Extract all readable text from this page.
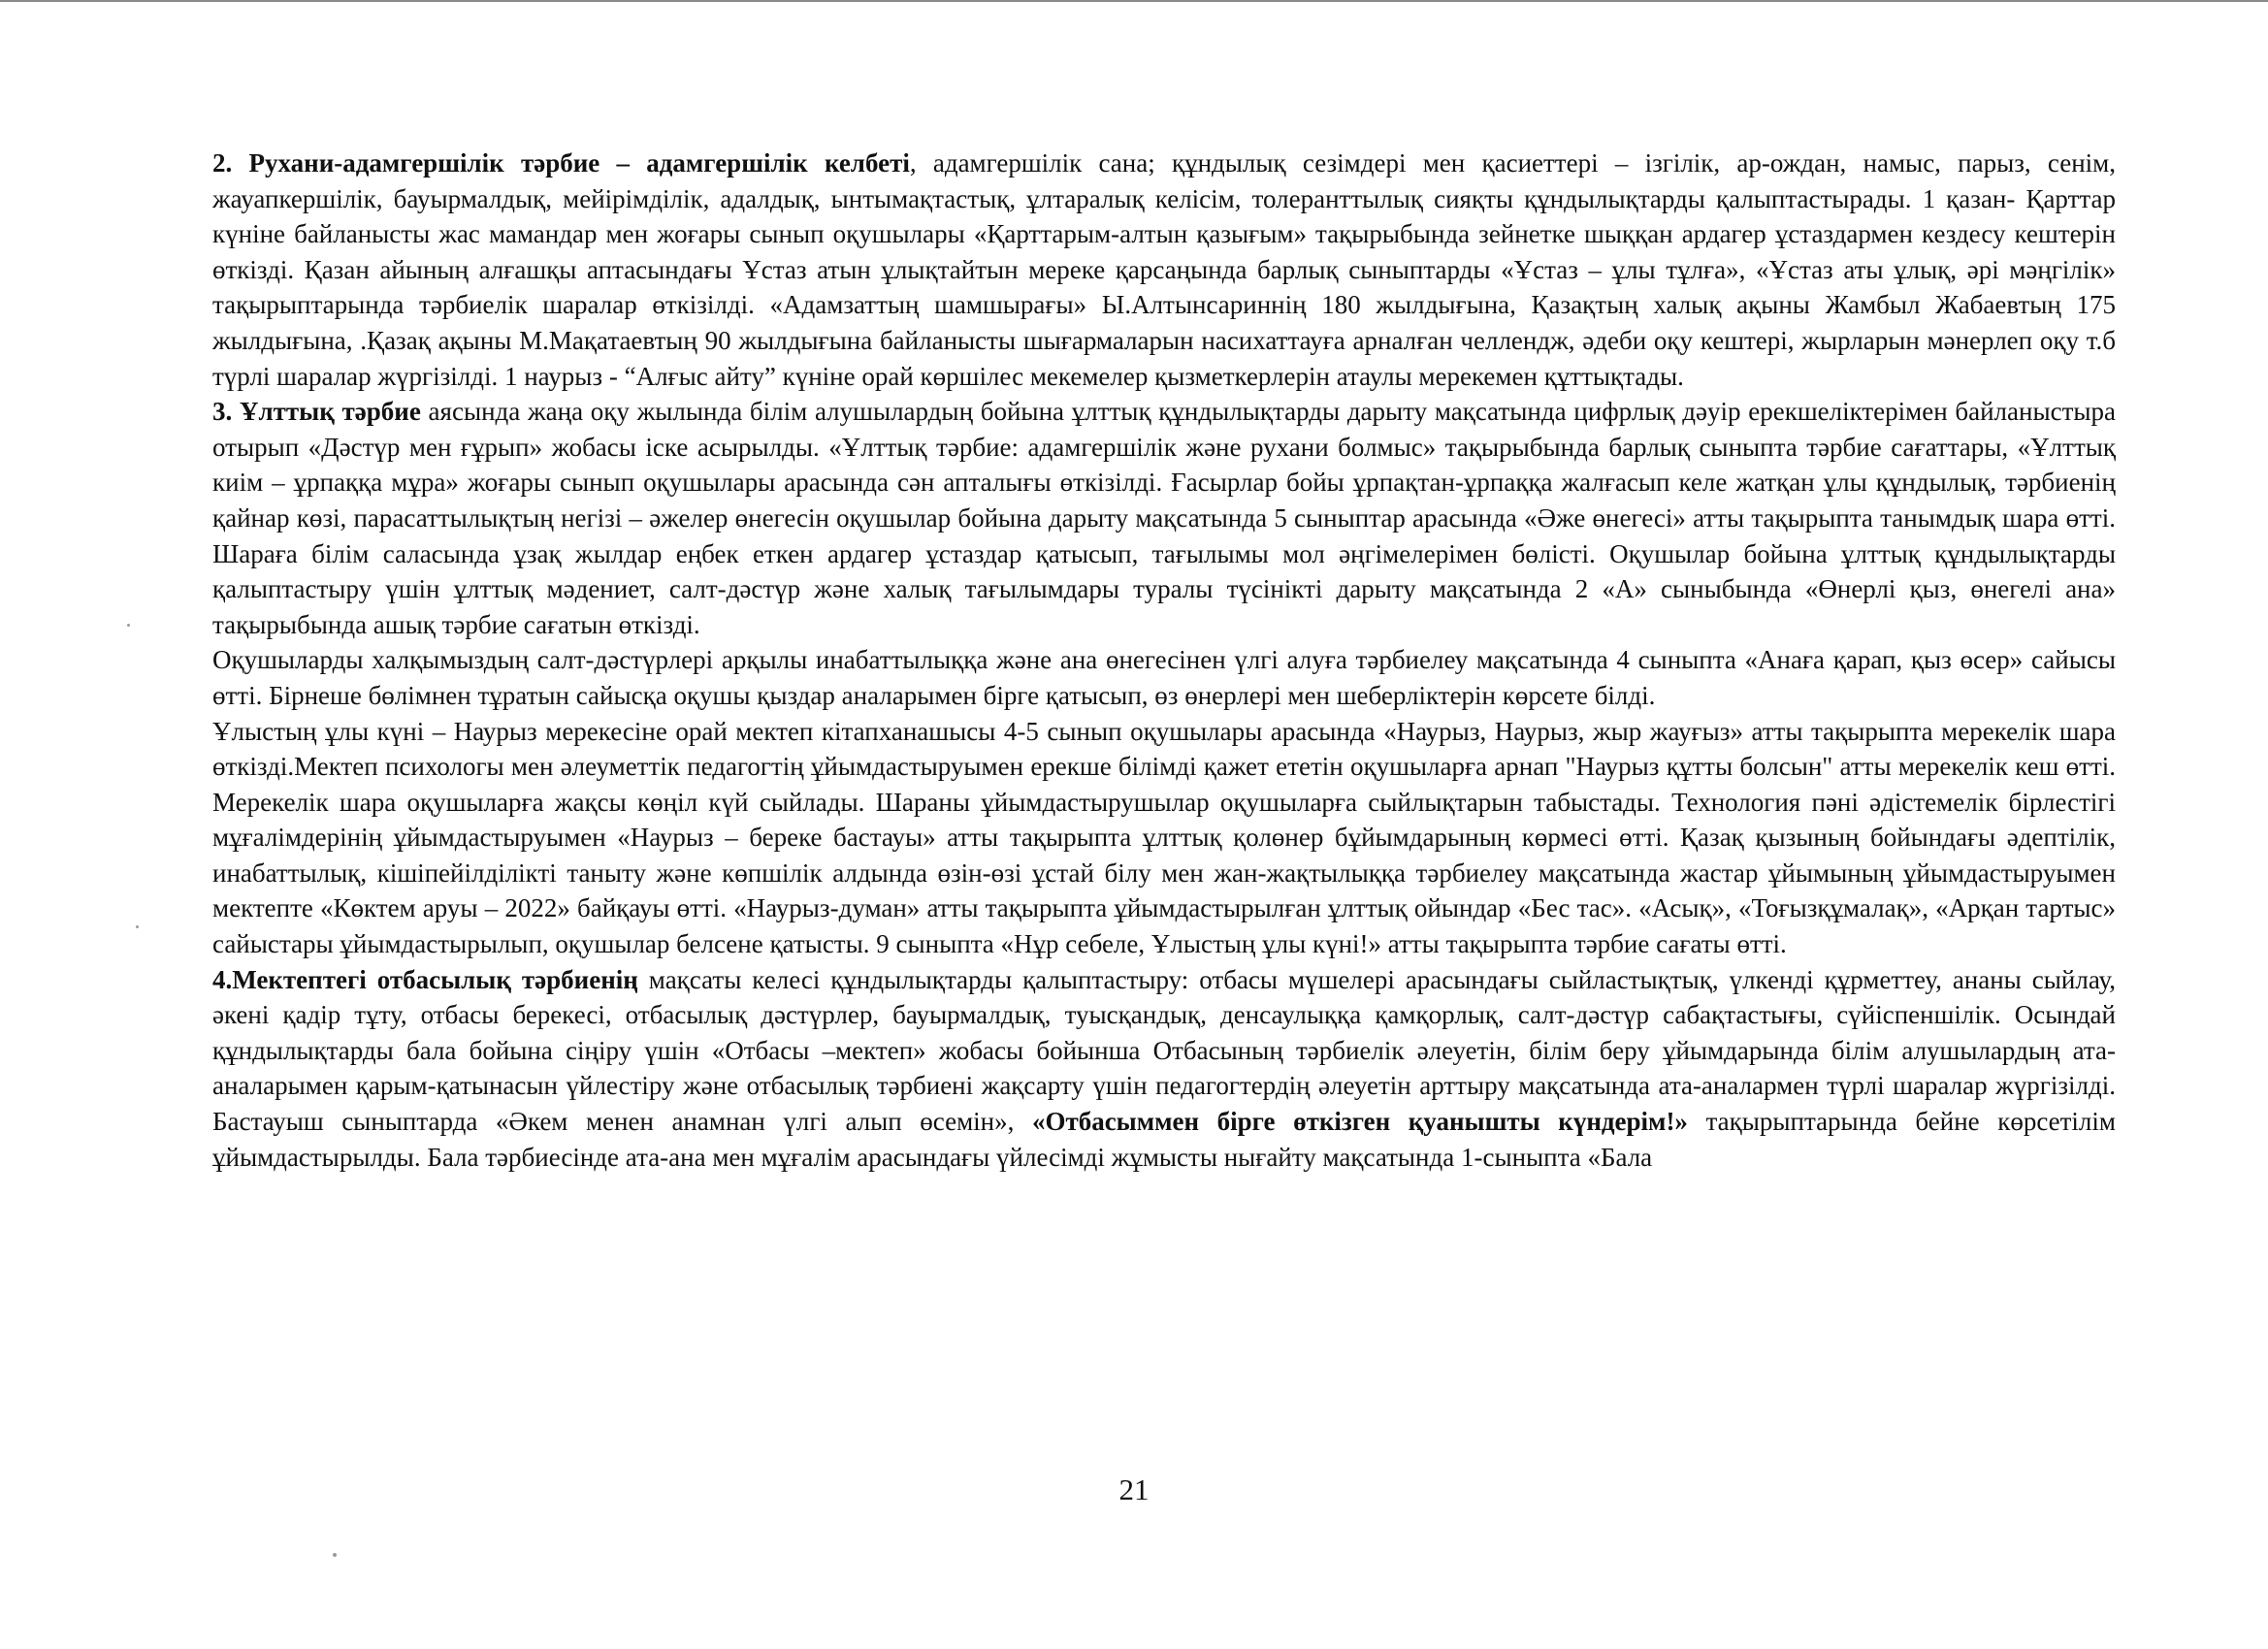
2. Рухани-адамгершілік тәрбие – адамгершілік келбеті, адамгершілік сана; құндылық сезімдері мен қасиеттері – ізгілік, ар-ождан, намыс, парыз, сенім, жауапкершілік, бауырмалдық, мейірімділік, адалдық, ынтымақтастық, ұлтаралық келісім, толеранттылық сияқты құндылықтарды қалыптастырады. 1 қазан- Қарттар күніне байланысты жас мамандар мен жоғары сынып оқушылары «Қарттарым-алтын қазығым» тақырыбында зейнетке шыққан ардагер ұстаздармен кездесу кештерін өткізді. Қазан айының алғашқы аптасындағы Ұстаз атын ұлықтайтын мереке қарсаңында барлық сыныптарды «Ұстаз – ұлы тұлға», «Ұстаз аты ұлық, әрі мәңгілік» тақырыптарында тәрбиелік шаралар өткізілді. «Адамзаттың шамшырағы» Ы.Алтынсариннің 180 жылдығына, Қазақтың халық ақыны Жамбыл Жабаевтың 175 жылдығына, .Қазақ ақыны М.Мақатаевтың 90 жылдығына байланысты шығармаларын насихаттауға арналған челлендж, әдеби оқу кештері, жырларын мәнерлеп оқу т.б түрлі шаралар жүргізілді. 1 наурыз - “Алғыс айту” күніне орай көршілес мекемелер қызметкерлерін атаулы мерекемен құттықтады.

3. Ұлттық тәрбие аясында жаңа оқу жылында білім алушылардың бойына ұлттық құндылықтарды дарыту мақсатында цифрлық дәуір ерекшеліктерімен байланыстыра отырып «Дәстүр мен ғұрып» жобасы іске асырылды. «Ұлттық тәрбие: адамгершілік және рухани болмыс» тақырыбында барлық сыныпта тәрбие сағаттары, «Ұлттық киім – ұрпаққа мұра» жоғары сынып оқушылары арасында сән апталығы өткізілді. Ғасырлар бойы ұрпақтан-ұрпаққа жалғасып келе жатқан ұлы құндылық, тәрбиенің қайнар көзі, парасаттылықтың негізі – әжелер өнегесін оқушылар бойына дарыту мақсатында 5 сыныптар арасында «Әже өнегесі» атты тақырыпта танымдық шара өтті. Шараға білім саласында ұзақ жылдар еңбек еткен ардагер ұстаздар қатысып, тағылымы мол әңгімелерімен бөлісті. Оқушылар бойына ұлттық құндылықтарды қалыптастыру үшін ұлттық мәдениет, салт-дәстүр және халық тағылымдары туралы түсінікті дарыту мақсатында 2 «А» сыныбында «Өнерлі қыз, өнегелі ана» тақырыбында ашық тәрбие сағатын өткізді.

Оқушыларды халқымыздың салт-дәстүрлері арқылы инабаттылыққа және ана өнегесінен үлгі алуға тәрбиелеу мақсатында 4 сыныпта «Анаға қарап, қыз өсер» сайысы өтті. Бірнеше бөлімнен тұратын сайысқа оқушы қыздар аналарымен бірге қатысып, өз өнерлері мен шеберліктерін көрсете білді.

Ұлыстың ұлы күні – Наурыз мерекесіне орай мектеп кітапханашысы 4-5 сынып оқушылары арасында «Наурыз, Наурыз, жыр жауғыз» атты тақырыпта мерекелік шара өткізді.Мектеп психологы мен әлеуметтік педагогтің ұйымдастыруымен ерекше білімді қажет ететін оқушыларға арнап "Наурыз құтты болсын" атты мерекелік кеш өтті. Мерекелік шара оқушыларға жақсы көңіл күй сыйлады. Шараны ұйымдастырушылар оқушыларға сыйлықтарын табыстады. Технология пәні әдістемелік бірлестігі мұғалімдерінің ұйымдастыруымен «Наурыз – береке бастауы» атты тақырыпта ұлттық қолөнер бұйымдарының көрмесі өтті. Қазақ қызының бойындағы әдептілік, инабаттылық, кішіпейілділікті таныту және көпшілік алдында өзін-өзі ұстай білу мен жан-жақтылыққа тәрбиелеу мақсатында жастар ұйымының ұйымдастыруымен мектепте «Көктем аруы – 2022» байқауы өтті. «Наурыз-думан» атты тақырыпта ұйымдастырылған ұлттық ойындар «Бес тас». «Асық», «Тоғызқұмалақ», «Арқан тартыс» сайыстары ұйымдастырылып, оқушылар белсене қатысты. 9 сыныпта «Нұр себеле, Ұлыстың ұлы күні!» атты тақырыпта тәрбие сағаты өтті.

4.Мектептегі отбасылық тәрбиенің мақсаты келесі құндылықтарды қалыптастыру: отбасы мүшелері арасындағы сыйластықтық, үлкенді құрметтеу, ананы сыйлау, әкені қадір тұту, отбасы берекесі, отбасылық дәстүрлер, бауырмалдық, туысқандық, денсаулыққа қамқорлық, салт-дәстүр сабақтастығы, сүйіспеншілік. Осындай құндылықтарды бала бойына сіңіру үшін «Отбасы –мектеп» жобасы бойынша Отбасының тәрбиелік әлеуетін, білім беру ұйымдарында білім алушылардың ата-аналарымен қарым-қатынасын үйлестіру және отбасылық тәрбиені жақсарту үшін педагогтердің әлеуетін арттыру мақсатында ата-аналармен түрлі шаралар жүргізілді. Бастауыш сыныптарда «Әкем менен анамнан үлгі алып өсемін», «Отбасыммен бірге өткізген қуанышты күндерім!» тақырыптарында бейне көрсетілім ұйымдастырылды. Бала тәрбиесінде ата-ана мен мұғалім арасындағы үйлесімді жұмысты нығайту мақсатында 1-сыныпта «Бала

21
